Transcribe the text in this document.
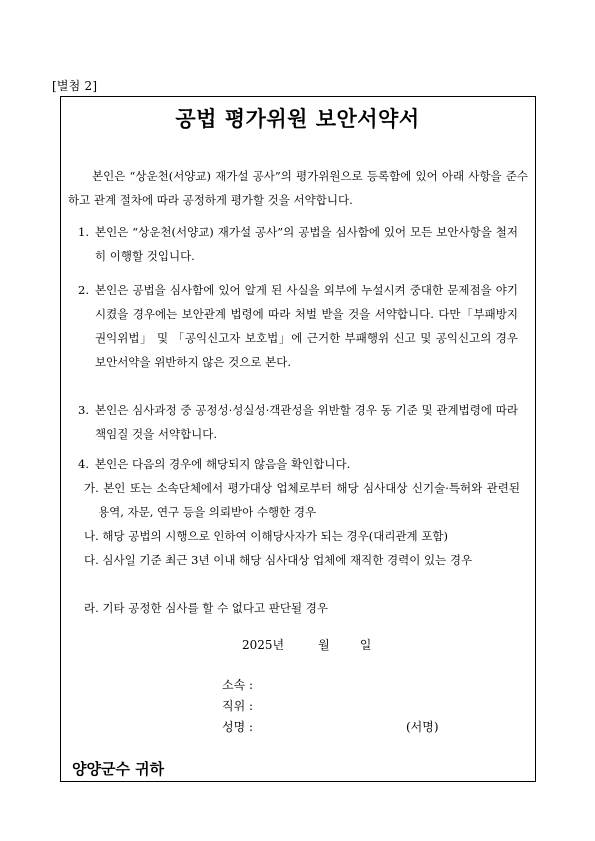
[별첨 2]
공법 평가위원 보안서약서
본인은 “상운천(서양교) 재가설 공사”의 평가위원으로 등록함에 있어 아래 사항을 준수하고 관계 절차에 따라 공정하게 평가할 것을 서약합니다.
1. 본인은 “상운천(서양교) 재가설 공사”의 공법을 심사함에 있어 모든 보안사항을 철저히 이행할 것입니다.
2. 본인은 공법을 심사함에 있어 알게 된 사실을 외부에 누설시켜 중대한 문제점을 야기시켰을 경우에는 보안관계 법령에 따라 처벌 받을 것을 서약합니다. 다만「부패방지권익위법」 및 「공익신고자 보호법」에 근거한 부패행위 신고 및 공익신고의 경우 보안서약을 위반하지 않은 것으로 본다.
3. 본인은 심사과정 중 공정성·성실성·객관성을 위반할 경우 동 기준 및 관계법령에 따라 책임질 것을 서약합니다.
4. 본인은 다음의 경우에 해당되지 않음을 확인합니다.
가. 본인 또는 소속단체에서 평가대상 업체로부터 해당 심사대상 신기술·특허와 관련된 용역, 자문, 연구 등을 의뢰받아 수행한 경우
나. 해당 공법의 시행으로 인하여 이해당사자가 되는 경우(대리관계 포함)
다. 심사일 기준 최근 3년 이내 해당 심사대상 업체에 재직한 경력이 있는 경우
라. 기타 공정한 심사를 할 수 없다고 판단될 경우
2025년	월	일
소속 :
직위 :
성명 :	(서명)
양양군수 귀하
